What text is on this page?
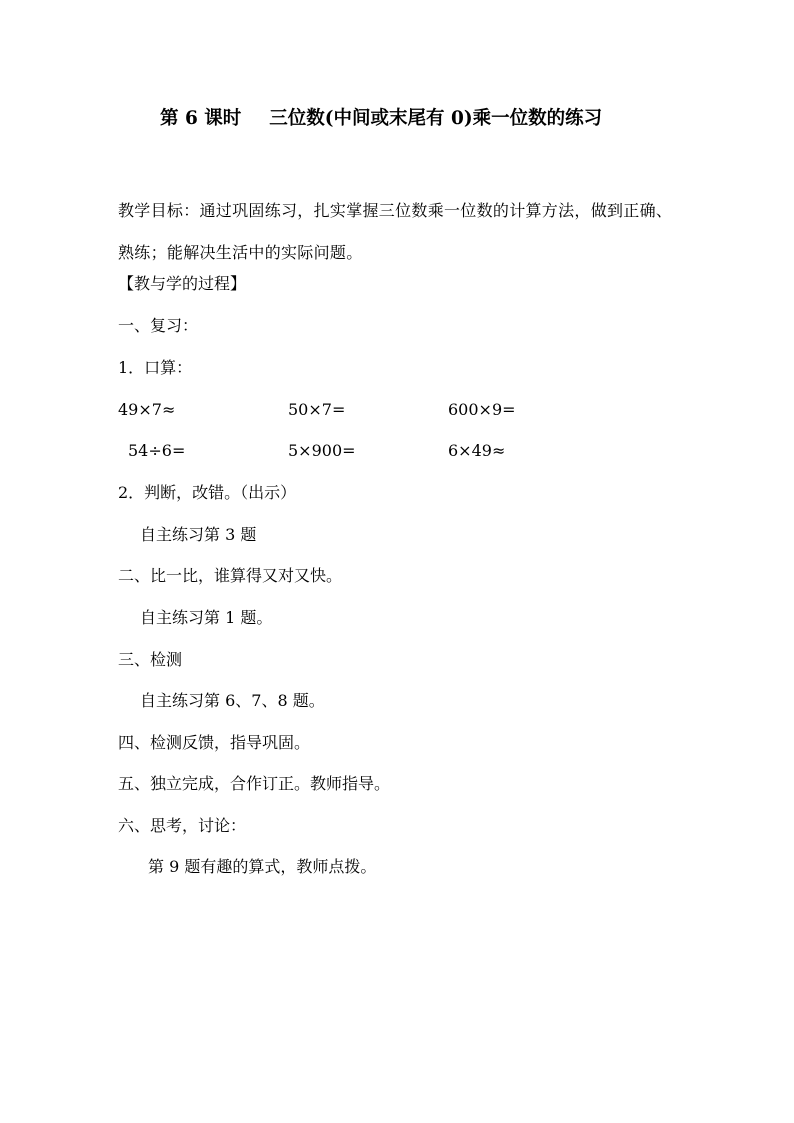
第 6 课时 三位数(中间或末尾有 0)乘一位数的练习
教学目标：通过巩固练习，扎实掌握三位数乘一位数的计算方法，做到正确、熟练；能解决生活中的实际问题。
【教与学的过程】
一、复习：
1．口算：
49×7≈	50×7=	600×9=
54÷6=	5×900=	6×49≈
2．判断，改错。（出示）
自主练习第 3 题
二、比一比，谁算得又对又快。
自主练习第 1 题。
三、检测
自主练习第 6、7、8 题。
四、检测反馈，指导巩固。
五、独立完成，合作订正。教师指导。
六、思考，讨论：
第 9 题有趣的算式，教师点拨。
